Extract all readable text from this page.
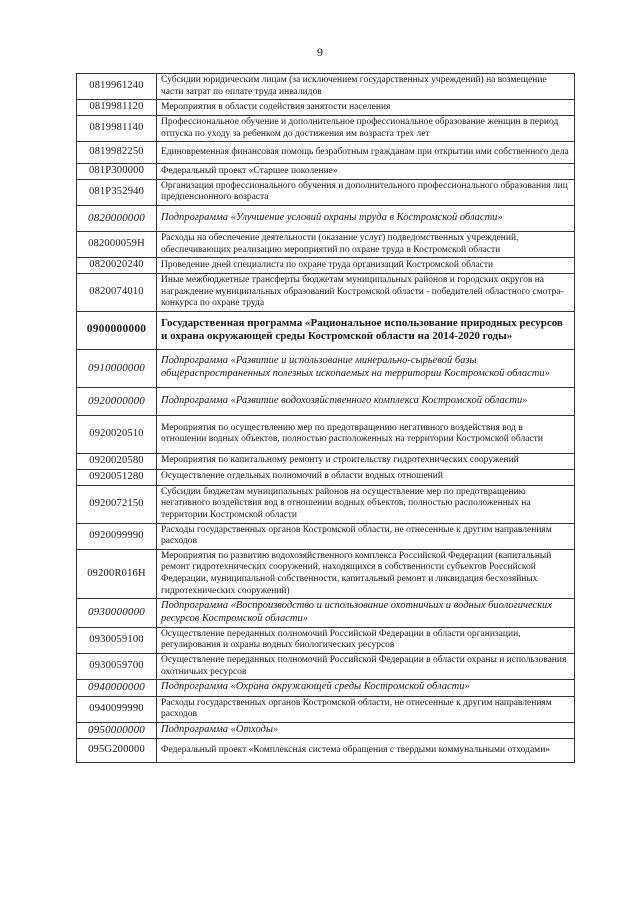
9
0819961240	Субсидии юридическим лицам (за исключением государственных учреждений) на возмещение части затрат по оплате труда инвалидов
0819981120	Мероприятия в области содействия занятости населения
0819981140	Профессиональное обучение и дополнительное профессиональное образование женщин в период отпуска по уходу за ребенком до достижения им возраста трех лет
0819982250	Единовременная финансовая помощь безработным гражданам при открытии ими собственного дела
081P300000	Федеральный проект «Старшее поколение»
081P352940	Организация профессионального обучения и дополнительного профессионального образования лиц предпенсионного возраста
0820000000	Подпрограмма «Улучшение условий охраны труда в Костромской области»
082000059Н	Расходы на обеспечение деятельности (оказание услуг) подведомственных учреждений, обеспечивающих реализацию мероприятий по охране труда в Костромской области
0820020240	Проведение дней специалиста по охране труда организаций Костромской области
0820074010	Иные межбюджетные трансферты бюджетам муниципальных районов и городских округов на награждение муниципальных образований Костромской области - победителей областного смотра-конкурса по охране труда
0900000000	Государственная программа «Рациональное использование природных ресурсов и охрана окружающей среды Костромской области на 2014-2020 годы»
0910000000	Подпрограмма «Развитие и использование минерально-сырьевой базы общераспространенных полезных ископаемых на территории Костромской области»
0920000000	Подпрограмма «Развитие водохозяйственного комплекса Костромской области»
0920020510	Мероприятия по осуществлению мер по предотвращению негативного воздействия вод в отношении водных объектов, полностью расположенных на территории Костромской области
0920020580	Мероприятия по капитальному ремонту и строительству гидротехнических сооружений
0920051280	Осуществление отдельных полномочий в области водных отношений
0920072150	Субсидии бюджетам муниципальных районов на осуществление мер по предотвращению негативного воздействия вод в отношении водных объектов, полностью расположенных на территории Костромской области
0920099990	Расходы государственных органов Костромской области, не отнесенные к другим направлениям расходов
09200R016Н	Мероприятия по развитию водохозяйственного комплекса Российской Федерации (капитальный ремонт гидротехнических сооружений, находящихся в собственности субъектов Российской Федерации, муниципальной собственности, капитальный ремонт и ликвидация бесхозяйных гидротехнических сооружений)
0930000000	Подпрограмма «Воспроизводство и использование охотничьих и водных биологических ресурсов Костромской области»
0930059100	Осуществление переданных полномочий Российской Федерации в области организации, регулирования и охраны водных биологических ресурсов
0930059700	Осуществление переданных полномочий Российской Федерации в области охраны и использования охотничьих ресурсов
0940000000	Подпрограмма «Охрана окружающей среды Костромской области»
0940099990	Расходы государственных органов Костромской области, не отнесенные к другим направлениям расходов
0950000000	Подпрограмма «Отходы»
095G200000	Федеральный проект «Комплексная система обращения с твердыми коммунальными отходами»
